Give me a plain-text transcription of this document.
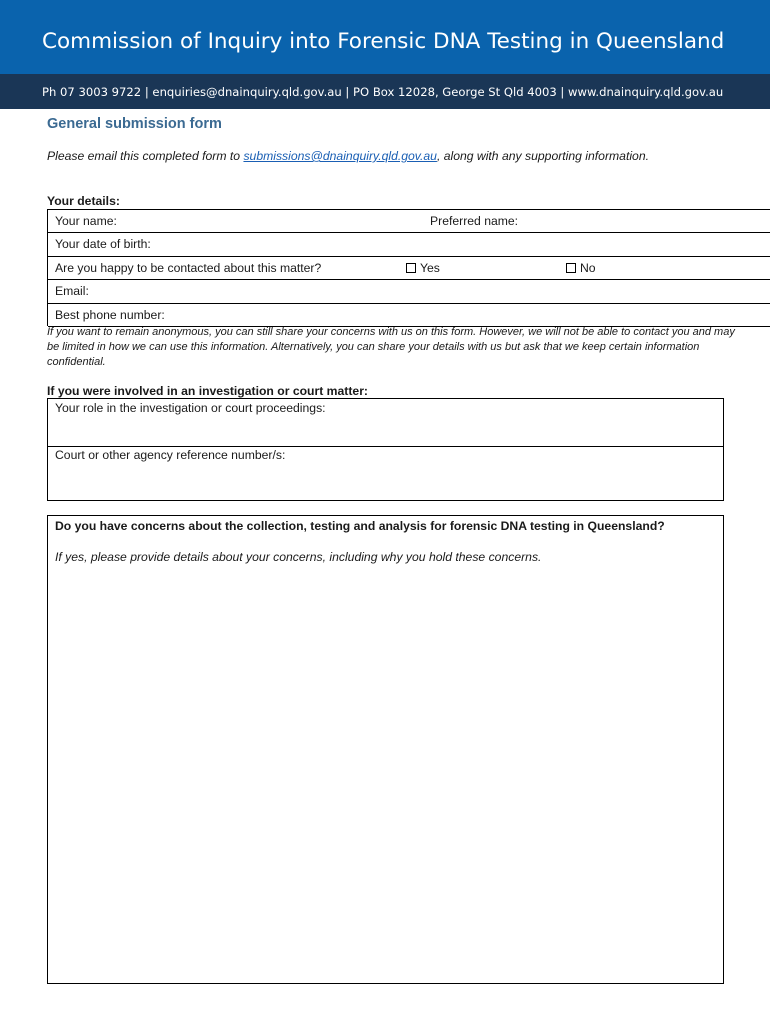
Commission of Inquiry into Forensic DNA Testing in Queensland
Ph 07 3003 9722 | enquiries@dnainquiry.qld.gov.au | PO Box 12028, George St Qld 4003 | www.dnainquiry.qld.gov.au
General submission form
Please email this completed form to submissions@dnainquiry.qld.gov.au, along with any supporting information.
Your details:
Your name:	Preferred name:
Your date of birth:
Are you happy to be contacted about this matter?	Yes	No
Email:
Best phone number:
If you want to remain anonymous, you can still share your concerns with us on this form. However, we will not be able to contact you and may be limited in how we can use this information. Alternatively, you can share your details with us but ask that we keep certain information confidential.
If you were involved in an investigation or court matter:
Your role in the investigation or court proceedings:
Court or other agency reference number/s:
Do you have concerns about the collection, testing and analysis for forensic DNA testing in Queensland?
If yes, please provide details about your concerns, including why you hold these concerns.
